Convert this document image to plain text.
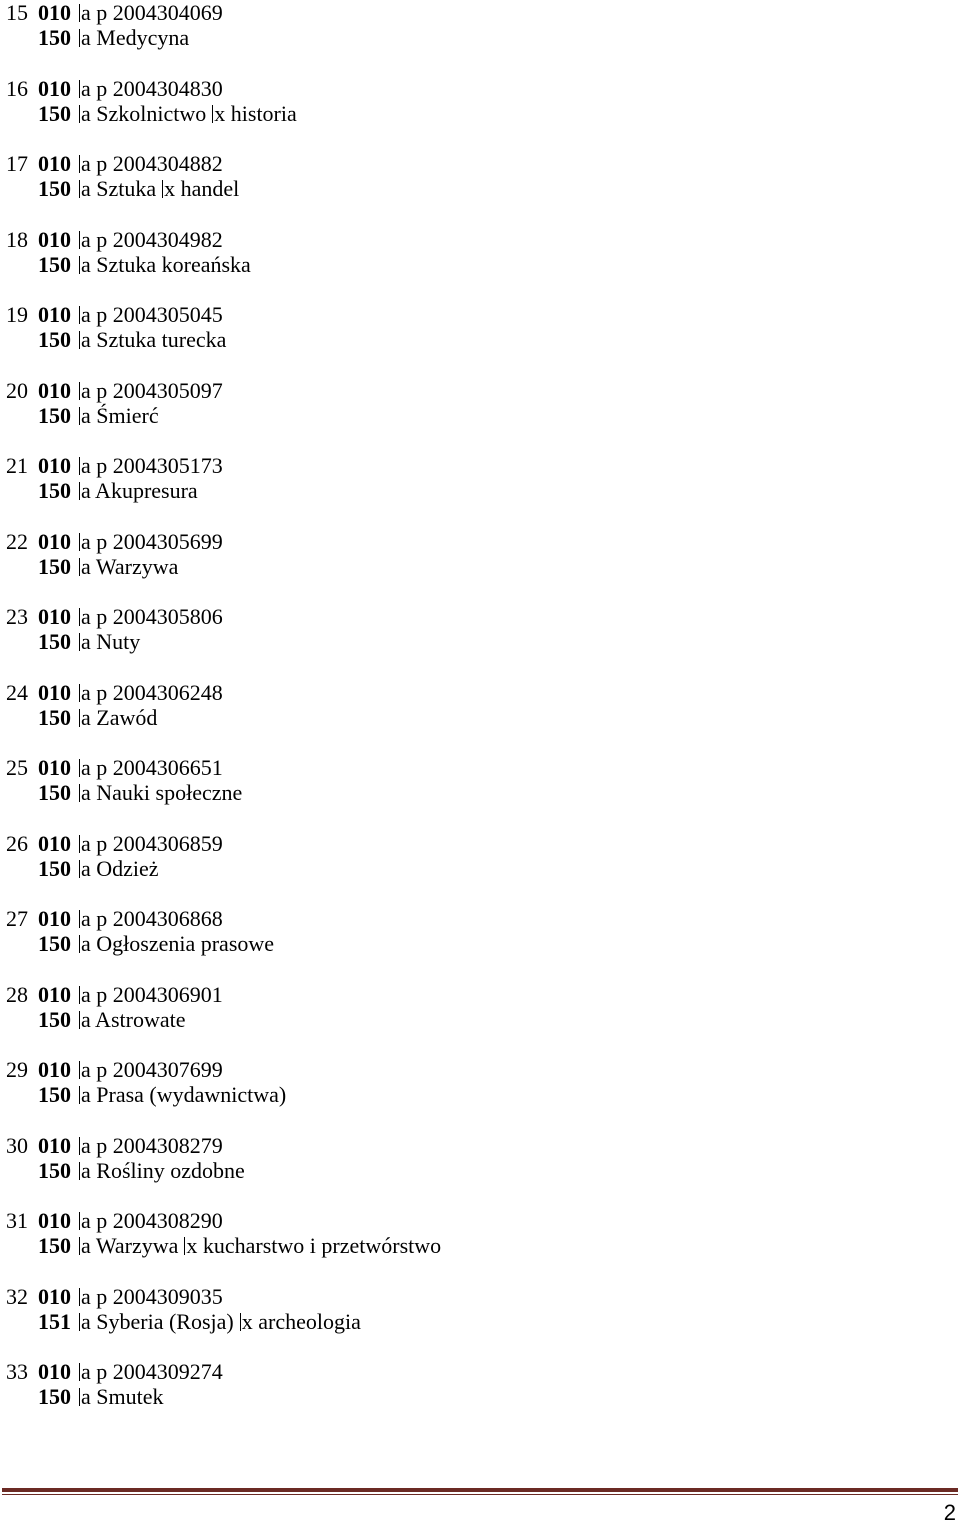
15 010 a p 2004304069
150 a Medycyna
16 010 a p 2004304830
150 a Szkolnictwo x historia
17 010 a p 2004304882
150 a Sztuka x handel
18 010 a p 2004304982
150 a Sztuka koreańska
19 010 a p 2004305045
150 a Sztuka turecka
20 010 a p 2004305097
150 a Śmierć
21 010 a p 2004305173
150 a Akupresura
22 010 a p 2004305699
150 a Warzywa
23 010 a p 2004305806
150 a Nuty
24 010 a p 2004306248
150 a Zawód
25 010 a p 2004306651
150 a Nauki społeczne
26 010 a p 2004306859
150 a Odzież
27 010 a p 2004306868
150 a Ogłoszenia prasowe
28 010 a p 2004306901
150 a Astrowate
29 010 a p 2004307699
150 a Prasa (wydawnictwa)
30 010 a p 2004308279
150 a Rośliny ozdobne
31 010 a p 2004308290
150 a Warzywa x kucharstwo i przetwórstwo
32 010 a p 2004309035
151 a Syberia (Rosja) x archeologia
33 010 a p 2004309274
150 a Smutek
2
